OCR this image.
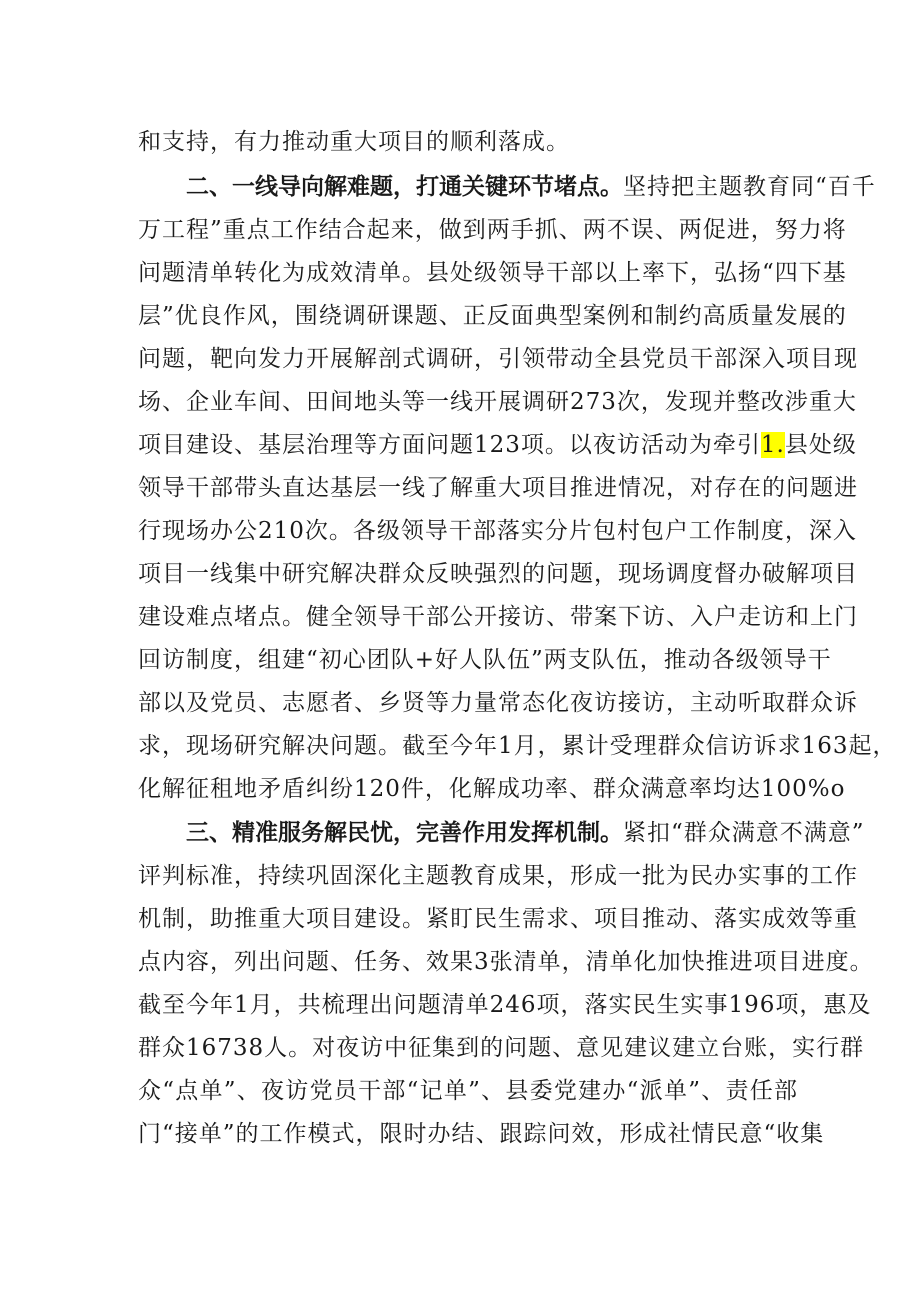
和支持，有力推动重大项目的顺利落成。
二、一线导向解难题，打通关键环节堵点。坚持把主题教育同“百千
万工程”重点工作结合起来，做到两手抓、两不误、两促进，努力将
问题清单转化为成效清单。县处级领导干部以上率下，弘扬“四下基
层”优良作风，围绕调研课题、正反面典型案例和制约高质量发展的
问题，靶向发力开展解剖式调研，引领带动全县党员干部深入项目现
场、企业车间、田间地头等一线开展调研273次，发现并整改涉重大
项目建设、基层治理等方面问题123项。以夜访活动为牵引1.县处级
领导干部带头直达基层一线了解重大项目推进情况，对存在的问题进
行现场办公210次。各级领导干部落实分片包村包户工作制度，深入
项目一线集中研究解决群众反映强烈的问题，现场调度督办破解项目
建设难点堵点。健全领导干部公开接访、带案下访、入户走访和上门
回访制度，组建“初心团队+好人队伍”两支队伍，推动各级领导干
部以及党员、志愿者、乡贤等力量常态化夜访接访，主动听取群众诉
求，现场研究解决问题。截至今年1月，累计受理群众信访诉求163起，
化解征租地矛盾纠纷120件，化解成功率、群众满意率均达100%o
三、精准服务解民忧，完善作用发挥机制。紧扣“群众满意不满意”
评判标准，持续巩固深化主题教育成果，形成一批为民办实事的工作
机制，助推重大项目建设。紧盯民生需求、项目推动、落实成效等重
点内容，列出问题、任务、效果3张清单，清单化加快推进项目进度。
截至今年1月，共梳理出问题清单246项，落实民生实事196项，惠及
群众16738人。对夜访中征集到的问题、意见建议建立台账，实行群
众“点单”、夜访党员干部“记单”、县委党建办“派单”、责任部
门“接单”的工作模式，限时办结、跟踪问效，形成社情民意“收集
